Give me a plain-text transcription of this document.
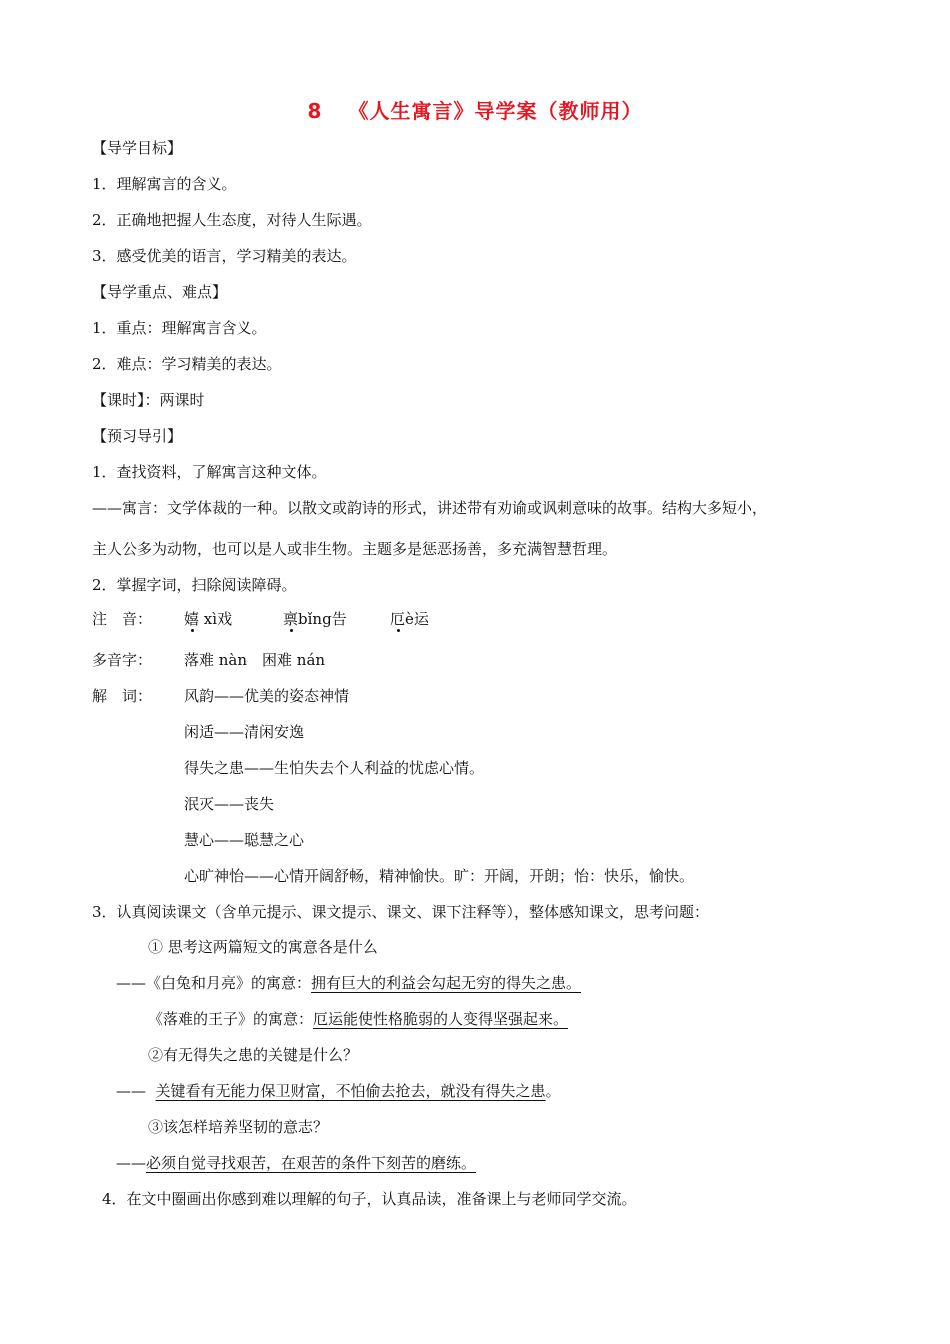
8 《人生寓言》导学案（教师用）
【导学目标】
1．理解寓言的含义。
2．正确地把握人生态度，对待人生际遇。
3．感受优美的语言，学习精美的表达。
【导学重点、难点】
1．重点：理解寓言含义。
2．难点：学习精美的表达。
【课时】：两课时
【预习导引】
1．查找资料，了解寓言这种文体。
——寓言：文学体裁的一种。以散文或韵诗的形式，讲述带有劝谕或讽刺意味的故事。结构大多短小，
主人公多为动物，也可以是人或非生物。主题多是惩恶扬善，多充满智慧哲理。
2．掌握字词，扫除阅读障碍。
注　音： 嬉 xì戏	禀bǐng告	厄è运
多音字： 落难 nàn　困难 nán
解　词： 风韵——优美的姿态神情
闲适——清闲安逸
得失之患——生怕失去个人利益的忧虑心情。
泯灭——丧失
慧心——聪慧之心
心旷神怡——心情开阔舒畅，精神愉快。旷：开阔，开朗；怡：快乐，愉快。
3．认真阅读课文（含单元提示、课文提示、课文、课下注释等），整体感知课文，思考问题：
① 思考这两篇短文的寓意各是什么
——《白兔和月亮》的寓意：拥有巨大的利益会勾起无穷的得失之患。
《落难的王子》的寓意：厄运能使性格脆弱的人变得坚强起来。
②有无得失之患的关键是什么？
——  关键看有无能力保卫财富，不怕偷去抢去，就没有得失之患。
③该怎样培养坚韧的意志？
——必须自觉寻找艰苦，在艰苦的条件下刻苦的磨练。
4．在文中圈画出你感到难以理解的句子，认真品读，准备课上与老师同学交流。
